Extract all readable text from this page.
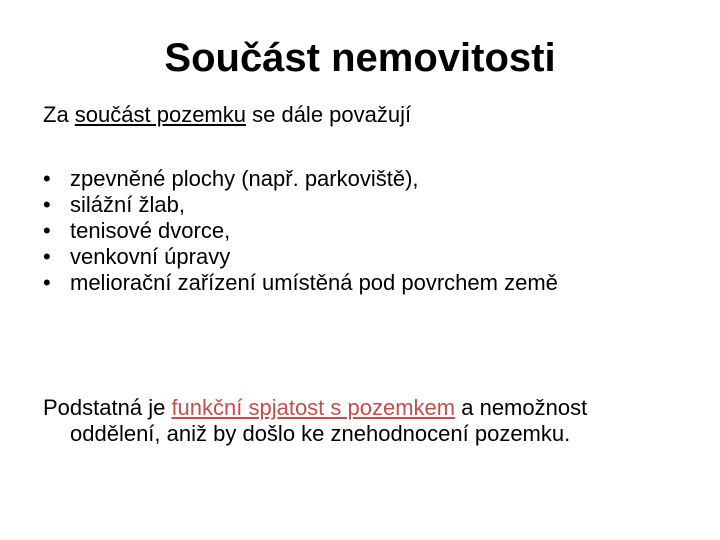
Součást nemovitosti

Za součást pozemku se dále považují

• zpevněné plochy (např. parkoviště),
• silážní žlab,
• tenisové dvorce,
• venkovní úpravy
• meliorační zařízení umístěná pod povrchem země

Podstatná je funkční spjatost s pozemkem a nemožnost oddělení, aniž by došlo ke znehodnocení pozemku.
